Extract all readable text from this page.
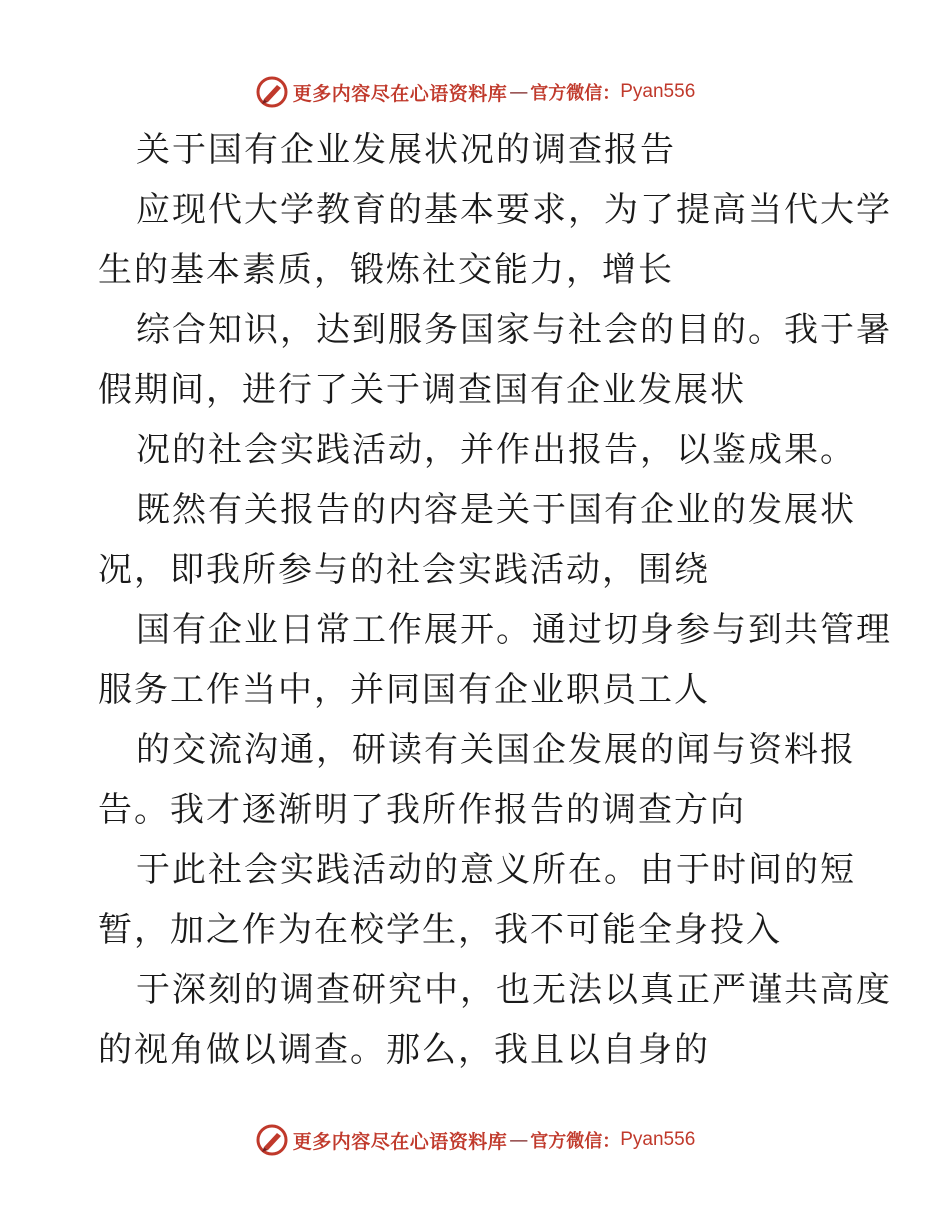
更多内容尽在心语资料库 — 官方微信： Pyan556
关于国有企业发展状况的调查报告
应现代大学教育的基本要求，为了提高当代大学
生的基本素质，锻炼社交能力，增长
综合知识，达到服务国家与社会的目的。我于暑
假期间，进行了关于调查国有企业发展状
况的社会实践活动，并作出报告，以鉴成果。
既然有关报告的内容是关于国有企业的发展状
况，即我所参与的社会实践活动，围绕
国有企业日常工作展开。通过切身参与到共管理
服务工作当中，并同国有企业职员工人
的交流沟通，研读有关国企发展的闻与资料报
告。我才逐渐明了我所作报告的调查方向
于此社会实践活动的意义所在。由于时间的短
暂，加之作为在校学生，我不可能全身投入
于深刻的调查研究中，也无法以真正严谨共高度
的视角做以调查。那么，我且以自身的
更多内容尽在心语资料库 — 官方微信： Pyan556
